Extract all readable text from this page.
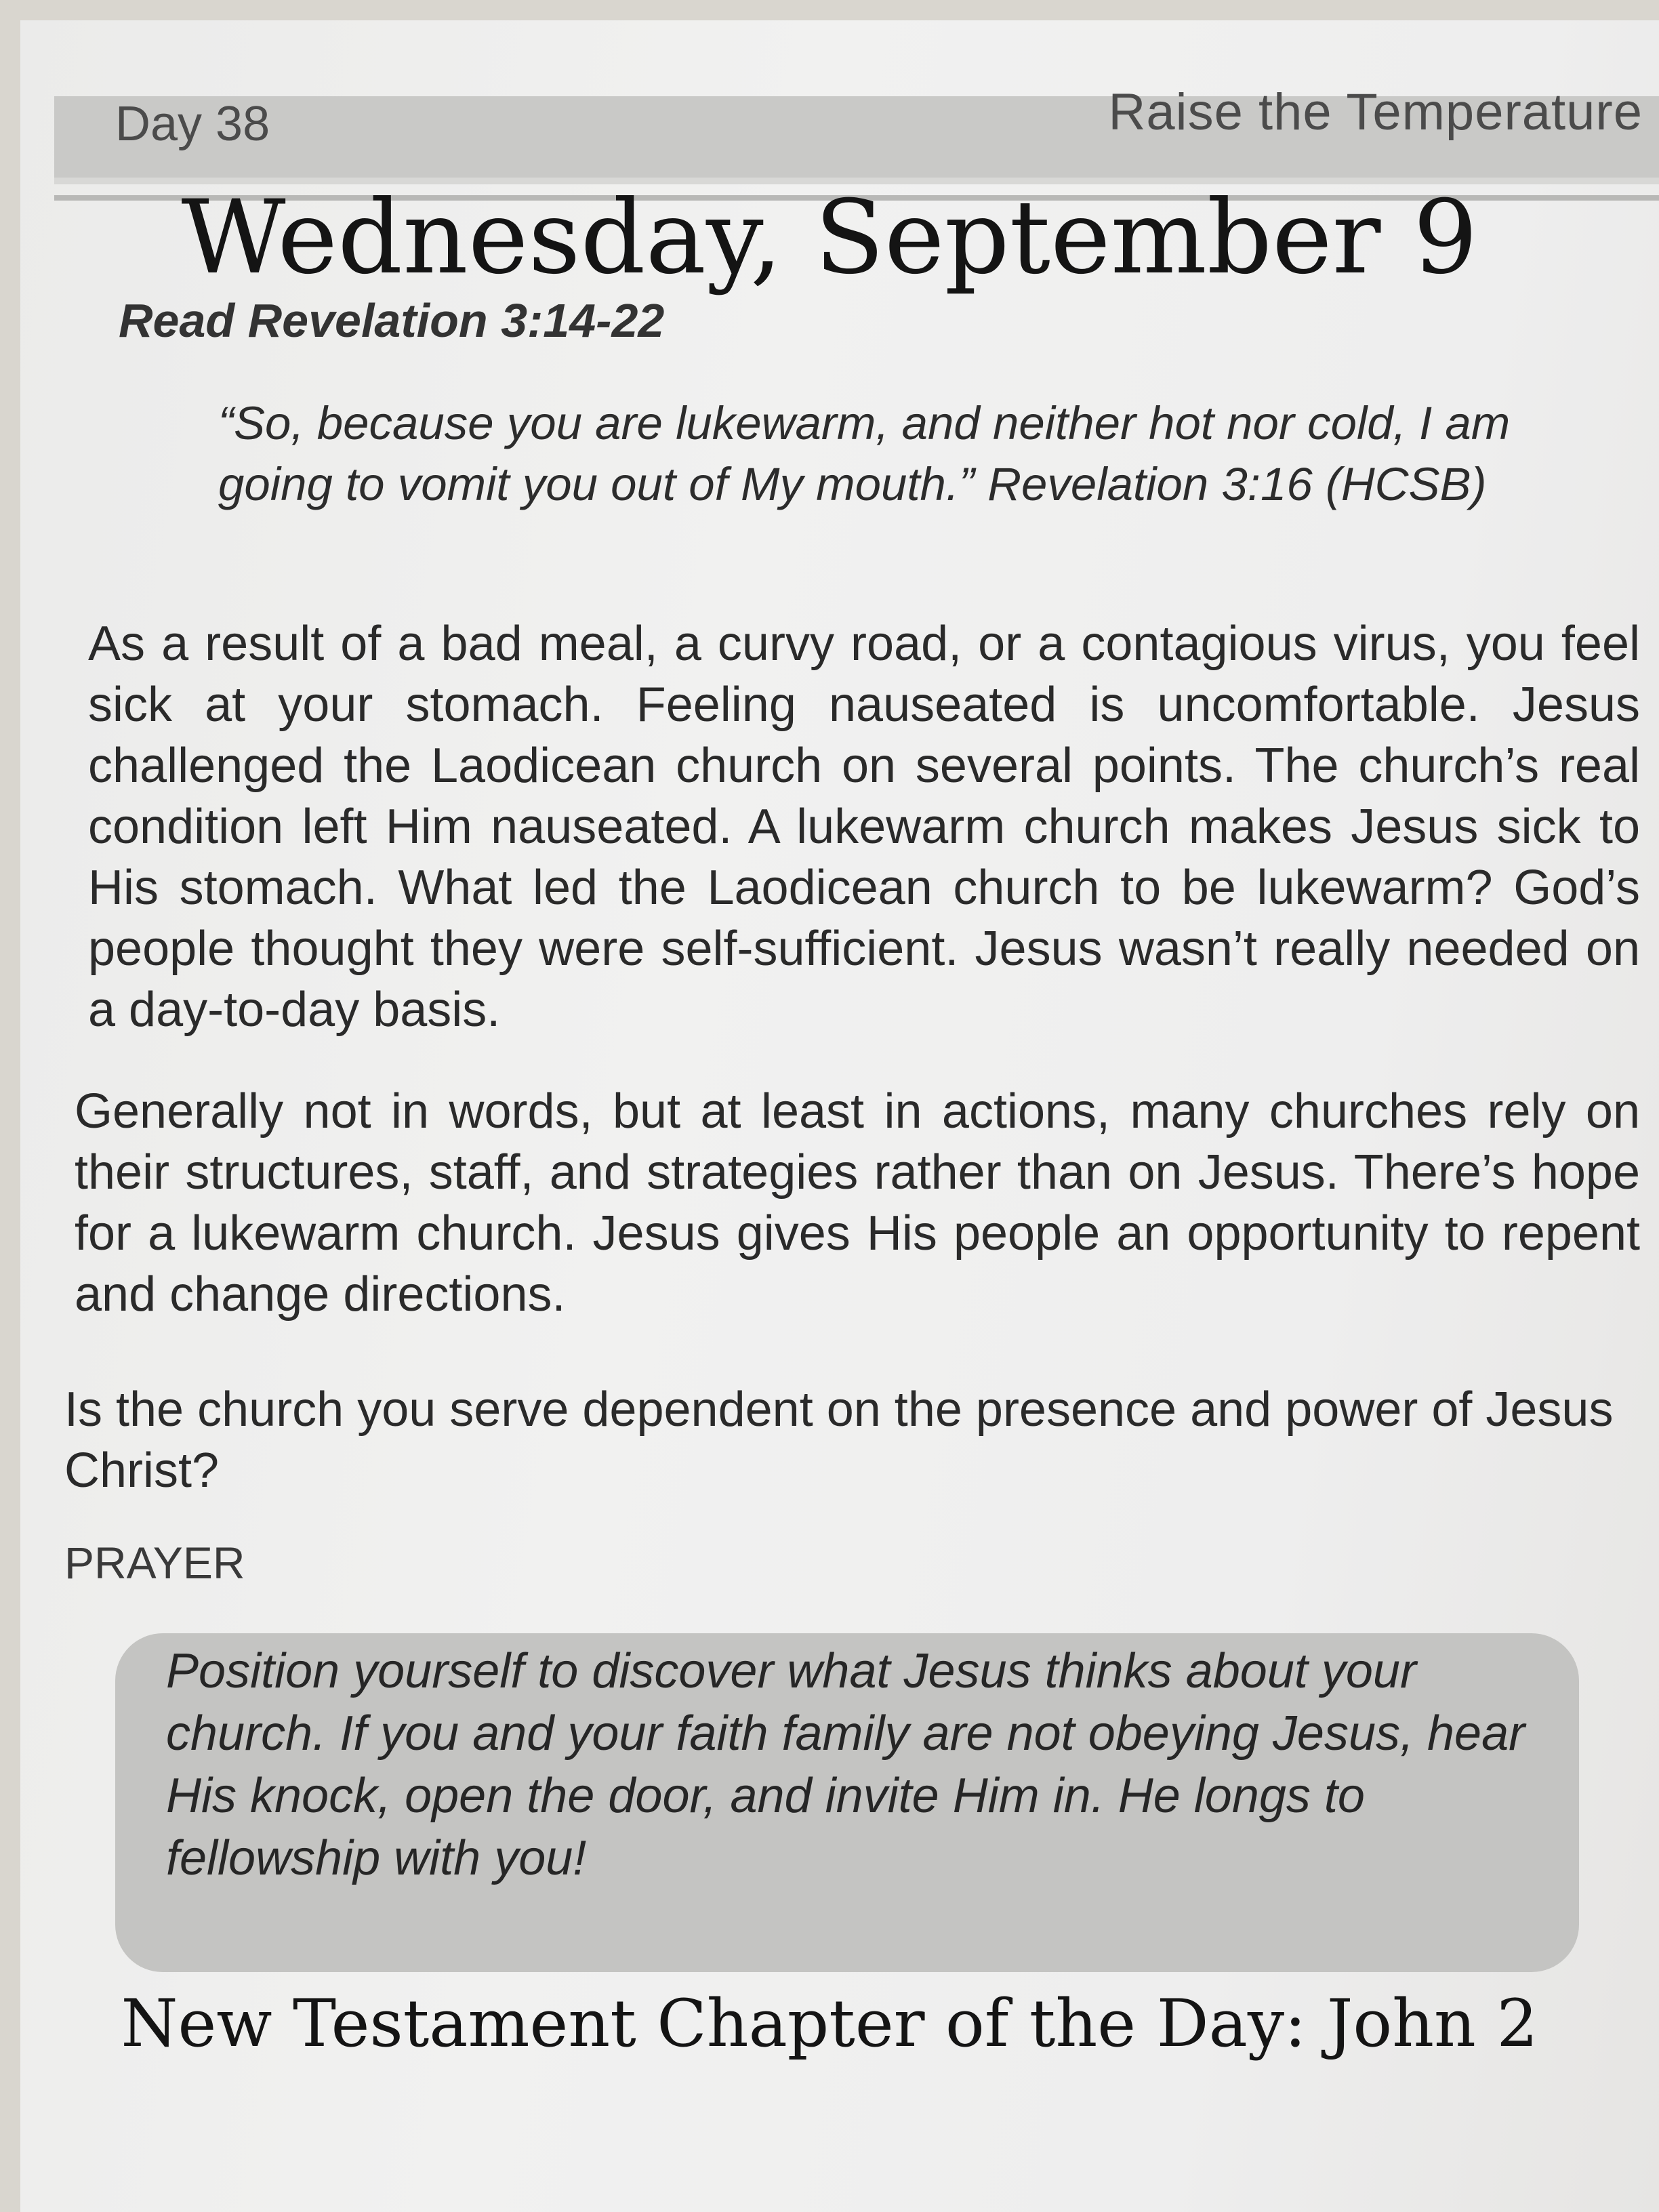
Day 38	Raise the Temperature
Wednesday, September 9
Read Revelation 3:14-22
“So, because you are lukewarm, and neither hot nor cold, I am going to vomit you out of My mouth.” Revelation 3:16 (HCSB)
As a result of a bad meal, a curvy road, or a contagious virus, you feel sick at your stomach. Feeling nauseated is uncomfortable. Jesus challenged the Laodicean church on several points. The church’s real condition left Him nauseated. A lukewarm church makes Jesus sick to His stomach. What led the Laodicean church to be lukewarm? God’s people thought they were self-sufficient. Jesus wasn’t really needed on a day-to-day basis.
Generally not in words, but at least in actions, many churches rely on their structures, staff, and strategies rather than on Jesus. There’s hope for a lukewarm church. Jesus gives His people an opportunity to repent and change directions.
Is the church you serve dependent on the presence and power of Jesus Christ?
PRAYER
Position yourself to discover what Jesus thinks about your church. If you and your faith family are not obeying Jesus, hear His knock, open the door, and invite Him in. He longs to fellowship with you!
New Testament Chapter of the Day: John 2
